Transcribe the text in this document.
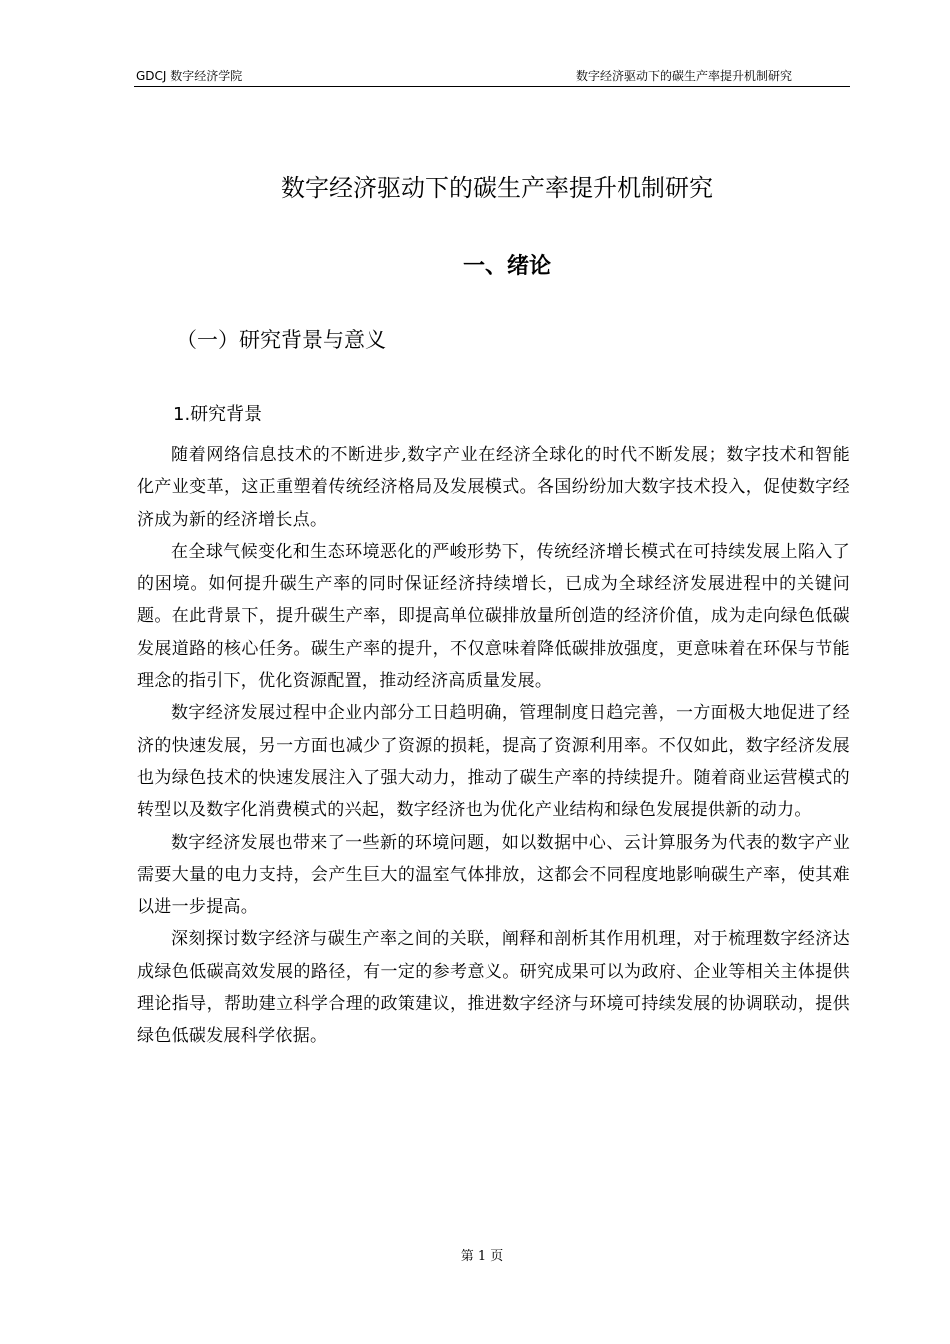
GDCJ 数字经济学院	数字经济驱动下的碳生产率提升机制研究
数字经济驱动下的碳生产率提升机制研究
一、绪论
（一）研究背景与意义
1.研究背景

随着网络信息技术的不断进步,数字产业在经济全球化的时代不断发展；数字技术和智能化产业变革，这正重塑着传统经济格局及发展模式。各国纷纷加大数字技术投入，促使数字经济成为新的经济增长点。

在全球气候变化和生态环境恶化的严峻形势下，传统经济增长模式在可持续发展上陷入了的困境。如何提升碳生产率的同时保证经济持续增长，已成为全球经济发展进程中的关键问题。在此背景下，提升碳生产率，即提高单位碳排放量所创造的经济价值，成为走向绿色低碳发展道路的核心任务。碳生产率的提升，不仅意味着降低碳排放强度，更意味着在环保与节能理念的指引下，优化资源配置，推动经济高质量发展。

数字经济发展过程中企业内部分工日趋明确，管理制度日趋完善，一方面极大地促进了经济的快速发展，另一方面也减少了资源的损耗，提高了资源利用率。不仅如此，数字经济发展也为绿色技术的快速发展注入了强大动力，推动了碳生产率的持续提升。随着商业运营模式的转型以及数字化消费模式的兴起，数字经济也为优化产业结构和绿色发展提供新的动力。

数字经济发展也带来了一些新的环境问题，如以数据中心、云计算服务为代表的数字产业需要大量的电力支持，会产生巨大的温室气体排放，这都会不同程度地影响碳生产率，使其难以进一步提高。

深刻探讨数字经济与碳生产率之间的关联，阐释和剖析其作用机理，对于梳理数字经济达成绿色低碳高效发展的路径，有一定的参考意义。研究成果可以为政府、企业等相关主体提供理论指导，帮助建立科学合理的政策建议，推进数字经济与环境可持续发展的协调联动，提供绿色低碳发展科学依据。

第 1 页
